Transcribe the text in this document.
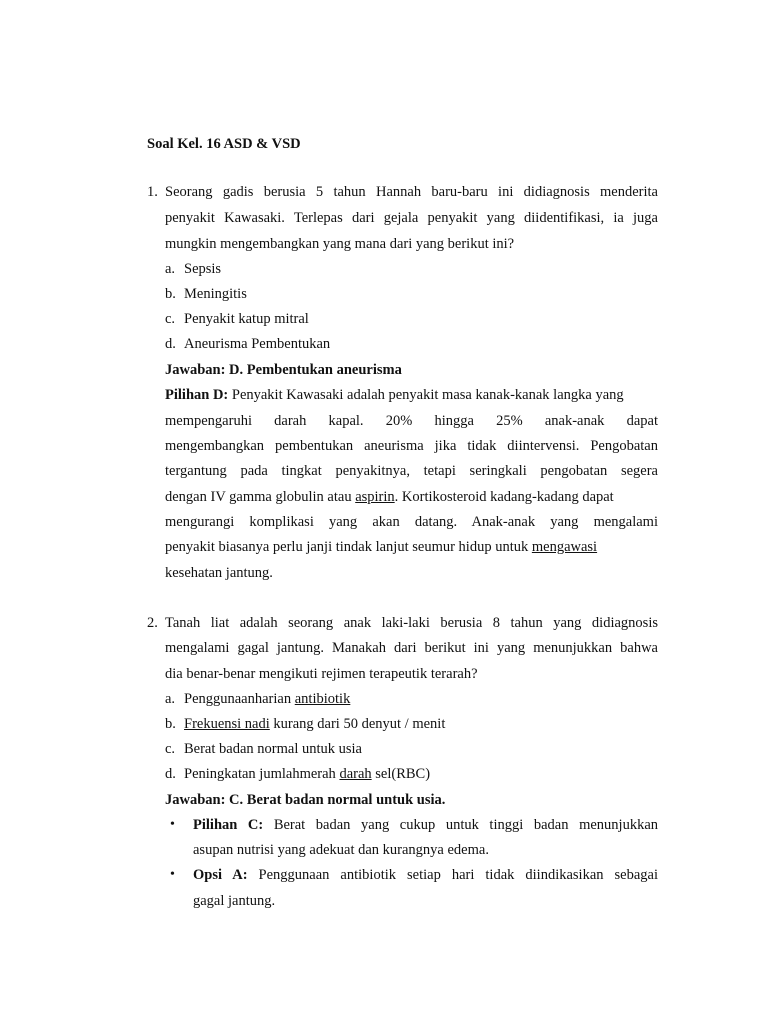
Soal Kel. 16 ASD & VSD
1. Seorang gadis berusia 5 tahun Hannah baru-baru ini didiagnosis menderita
penyakit Kawasaki. Terlepas dari gejala penyakit yang diidentifikasi, ia juga
mungkin mengembangkan yang mana dari yang berikut ini?
a. Sepsis
b. Meningitis
c. Penyakit katup mitral
d. Aneurisma Pembentukan
Jawaban: D. Pembentukan aneurisma
Pilihan D: Penyakit Kawasaki adalah penyakit masa kanak-kanak langka yang
mempengaruhi darah kapal. 20% hingga 25% anak-anak dapat
mengembangkan pembentukan aneurisma jika tidak diintervensi. Pengobatan
tergantung pada tingkat penyakitnya, tetapi seringkali pengobatan segera
dengan IV gamma globulin atau aspirin. Kortikosteroid kadang-kadang dapat
mengurangi komplikasi yang akan datang. Anak-anak yang mengalami
penyakit biasanya perlu janji tindak lanjut seumur hidup untuk mengawasi
kesehatan jantung.
2. Tanah liat adalah seorang anak laki-laki berusia 8 tahun yang didiagnosis
mengalami gagal jantung. Manakah dari berikut ini yang menunjukkan bahwa
dia benar-benar mengikuti rejimen terapeutik terarah?
a. Penggunaanharian antibiotik
b. Frekuensi nadi kurang dari 50 denyut / menit
c. Berat badan normal untuk usia
d. Peningkatan jumlahmerah darah sel(RBC)
Jawaban: C. Berat badan normal untuk usia.
• Pilihan C: Berat badan yang cukup untuk tinggi badan menunjukkan
asupan nutrisi yang adekuat dan kurangnya edema.
• Opsi A: Penggunaan antibiotik setiap hari tidak diindikasikan sebagai
gagal jantung.
